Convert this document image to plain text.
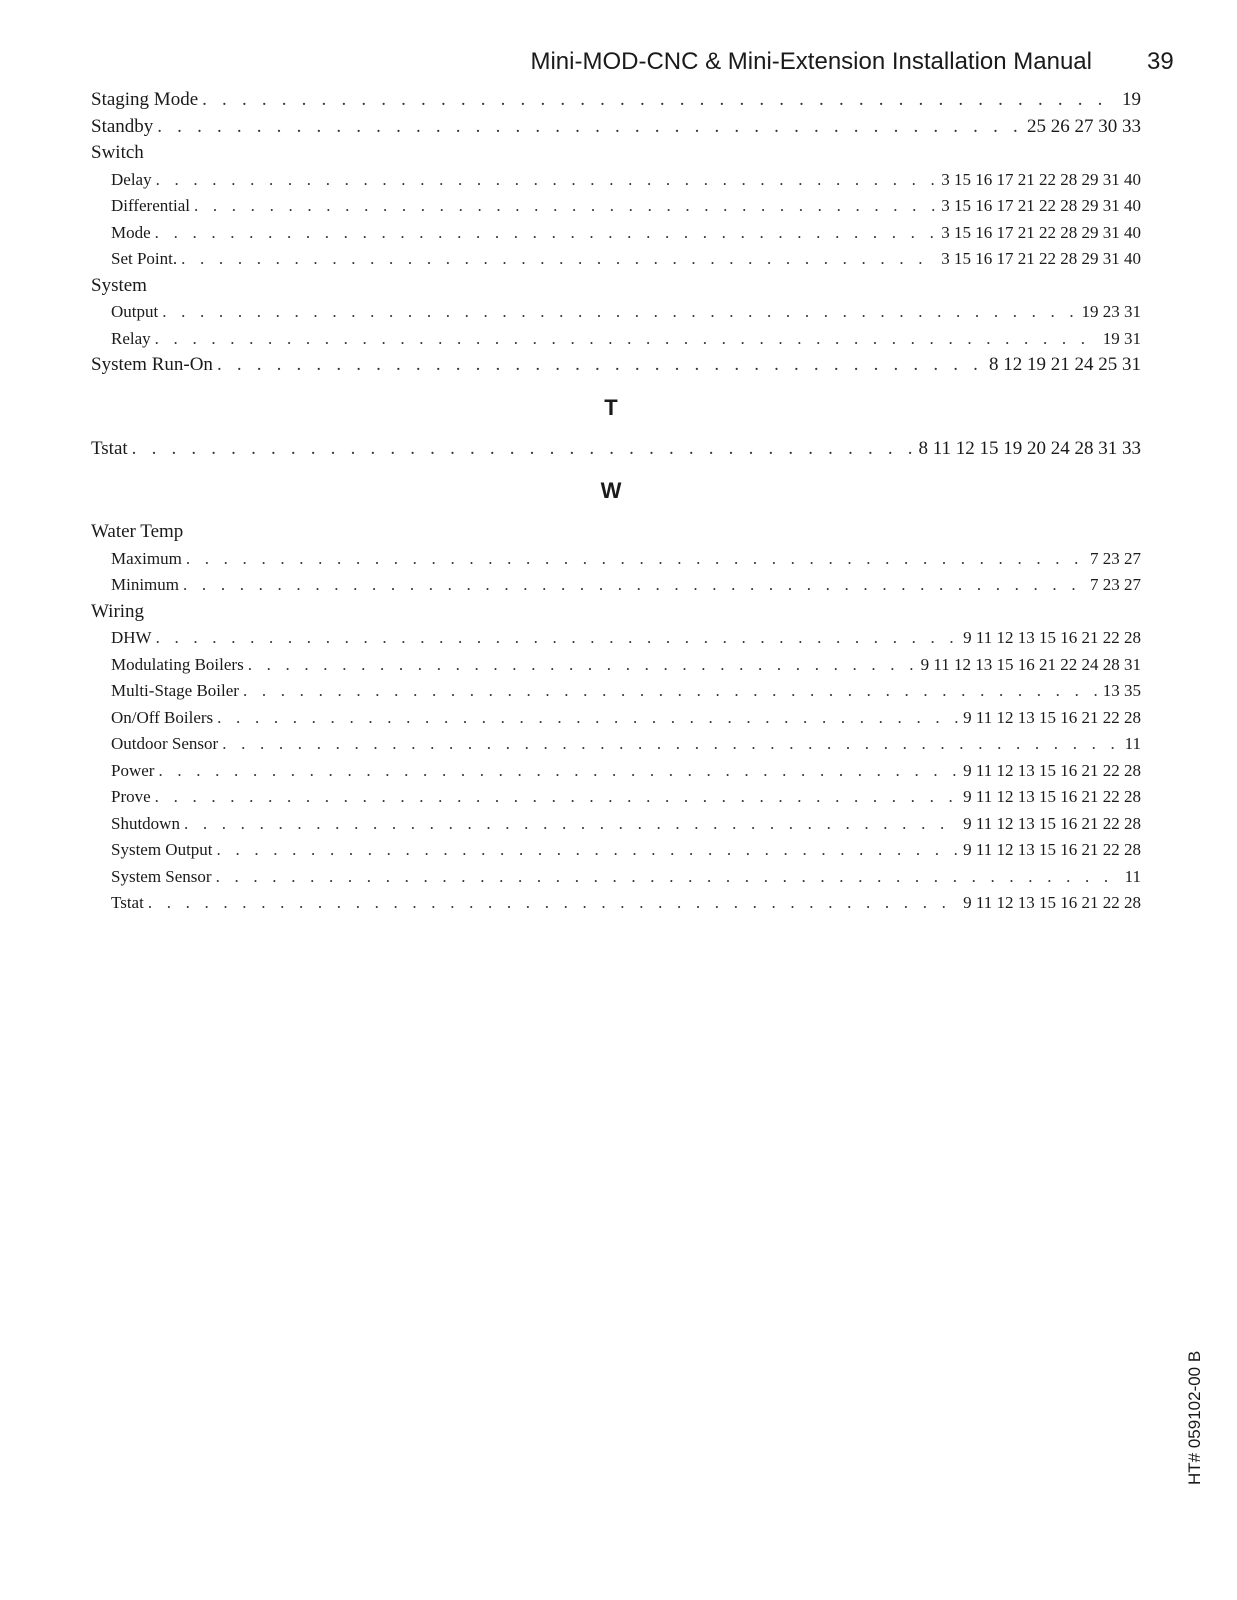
Mini-MOD-CNC & Mini-Extension Installation Manual 39
Staging Mode . . .	19
Standby . . .	25 26 27 30 33
Switch
Delay . . .	3 15 16 17 21 22 28 29 31 40
Differential . . .	3 15 16 17 21 22 28 29 31 40
Mode . . .	3 15 16 17 21 22 28 29 31 40
Set Point. . . .	3 15 16 17 21 22 28 29 31 40
System
Output . . .	19 23 31
Relay . . .	19 31
System Run-On . . .	8 12 19 21 24 25 31
T
Tstat . . .	8 11 12 15 19 20 24 28 31 33
W
Water Temp
Maximum . . .	7 23 27
Minimum . . .	7 23 27
Wiring
DHW . . .	9 11 12 13 15 16 21 22 28
Modulating Boilers . . .	9 11 12 13 15 16 21 22 24 28 31
Multi-Stage Boiler . . .	13 35
On/Off Boilers . . .	9 11 12 13 15 16 21 22 28
Outdoor Sensor . . .	11
Power . . .	9 11 12 13 15 16 21 22 28
Prove . . .	9 11 12 13 15 16 21 22 28
Shutdown . . .	9 11 12 13 15 16 21 22 28
System Output . . .	9 11 12 13 15 16 21 22 28
System Sensor . . .	11
Tstat . . .	9 11 12 13 15 16 21 22 28
HT# 059102-00 B
